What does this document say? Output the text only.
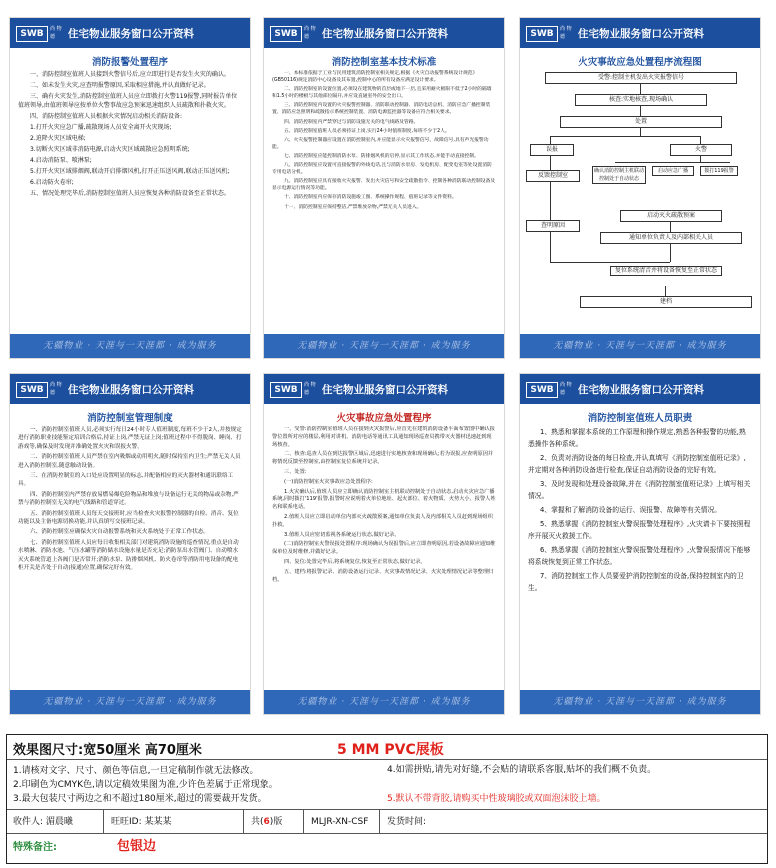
SWB	尚 物 德	住宅物业服务窗口公开资料
消防报警处置程序

一、消防控制室值班人员接到火警信号后,应立即进行是否发生火灾的确认。

二、如未发生火灾,应查明报警原因,采取相应措施,并认真做好记录。

三、确有火灾发生,消防控制室值班人员应立即拨打火警119报警,同时报告单位值班领导,由值班领导应按单位火警事故应急预案迅速组织人员疏散和扑救火灾。

四、消防控制室值班人员根据火灾情况启动相关消防设备:

1.打开火灾应急广播,疏散现场人员安全离开火灾现场;

2.迫降火灾区域电梯;

3.切断火灾区域非消防电源,启动火灾区域疏散应急照明系统;

4.启动消防泵、喷淋泵;

5.打开火灾区域排烟阀,联动开启排烟风机,打开正压送风阀,联动正压送风机;

6.启动防火卷帘;

五、情况处理完毕后,消防控制室值班人员应恢复各种消防设备至正常状态。

无疆物业 · 天涯与一天涯都 · 成为服务
SWB	尚 物 德	住宅物业服务窗口公开资料
消防控制室基本技术标准

一、本标准依据于工业与民用建筑消防控制室相关规定,根据《火灾自动报警系统设计规范》(GB50116)规定消防中心设备及其布置,控制中心的所有设备应满足设计要求。

二、消防控制室的设置位置,必须设在建筑物的首层或地下一层,且采用耐火极限不低于2小时的隔墙和1.5小时的楼板与其他部位隔开,并应设直通室外的安全出口。

三、消防控制室内设置的火灾报警控制器、消防联动控制器、消防电话总机、消防应急广播控制装置、消防应急照明和疏散指示系统控制装置、消防电源监控器等设备应符合相关要求。

四、消防控制室内严禁穿过与消防设施无关的电气线路及管路。

五、消防控制室值班人员必须持证上岗,实行24小时值班制度,每班不少于2人。

六、火灾报警控制器应设置在消防控制室内,并应能显示火灾报警信号、故障信号,具有声光报警功能。

七、消防控制室应能控制消防水泵、防排烟风机的启停,显示其工作状态,并能手动直接控制。

八、消防控制室应设置可直接报警的外线电话,且与消防水泵房、发电机房、配变电室等处设置消防专用电话分机。

九、消防控制室应具有接收火灾报警、发出火灾信号和安全疏散指令、控制各种消防联动控制设备及显示电源运行情况等功能。

十、消防控制室内应保存消防设施竣工图、系统操作规程、值班记录等文件资料。

十一、消防控制室应保持整洁,严禁堆放杂物,严禁无关人员进入。

无疆物业 · 天涯与一天涯都 · 成为服务
SWB	尚 物 德	住宅物业服务窗口公开资料
火灾事故应急处置程序流程图
受警:控制主机发出火灾报警信号
核查:实地核查,现场确认
处置
误报	火警
反馈控制室
确认消防控制主机联动控制处于自动状态
启动应急广播	拨打119报警
启动灭火疏散预案
查明原因
通知单位负责人及内部相关人员
复位系统清音并将设备恢复至正常状态
建档
无疆物业 · 天涯与一天涯都 · 成为服务
SWB	尚 物 德	住宅物业服务窗口公开资料
消防控制室管理制度

一、消防控制室值班人员,必须实行每日24小时专人值班制度,每班不少于2人,并按规定进行消防职业技能鉴定培训合格后,持证上岗,严禁无证上岗;值班过程中不得脱岗、睡岗、打游戏等,确保及时发现并准确处置火灾和误报火警。

二、消防控制室值班人员严禁在室内吸烟或动用明火,随时保持室内卫生;严禁无关人员进入消防控制室,随意触动设备。

三、在消防控制室的入口处应设置明显的标志,并配备相应的灭火器材和通讯联络工具。

四、消防控制室内严禁存放易燃易爆危险物品和堆放与设备运行无关的物品或杂物,严禁与消防控制室无关的电气线路和管道穿过。

五、消防控制室值班人员每天交接班时,应当检查火灾报警控制器的自检、消音、复位功能以及主备电源切换功能,并认真填写交接班记录。

六、消防控制室应确保火灾自动报警系统和灭火系统处于正常工作状态。

七、消防控制室值班人员应每日收集相关部门对建筑消防设施的巡查情况,重点是自动水喷淋、消防水池、气压水罐等消防储水设施水量是否充足;消防泵出水管阀门、自动喷水灭火系统管道上各阀门是否常开;消防水泵、防排烟风机、防火卷帘等消防用电设备的配电柜开关是否处于自动(接通)位置,确保完好有效。

无疆物业 · 天涯与一天涯都 · 成为服务
SWB	尚 物 德	住宅物业服务窗口公开资料
火灾事故应急处置程序

一、受警:消防控制室值班人员在接到火灾报警后,应首先在建筑消防设备平面布置图中确认报警位置所对应的楼层,利用对讲机、消防电话等通讯工具通知现场巡查员携带灭火器材迅速赶到现场核查。

二、核查:巡查人员在到达报警区域后,迅速进行实地核查和现场确认;若为误报,应查明原因并将情况反馈至控制室,由控制室复位系统并记录。

三、处置:

(一)消防控制室火灾事故应急处置程序:

1.火灾确认后,值班人员应立即确认消防控制室主机联动控制处于自动状态,启动火灾应急广播系统,同时拨打'119'报警,报警时应说明着火单位地址、起火部位、着火物质、火势大小、报警人姓名和联系电话。

2.值班人员应立即启动单位内部灭火疏散预案,通知单位负责人及内部相关人员赶到现场组织扑救。

3.值班人员应密切监视各系统运行状态,做好记录。

(二)消防控制室火警误报处置程序:现场确认为误报警后,应立即查明原因,若设备故障应通知维保单位及时维修,并做好记录。

四、复位:处置完毕后,将系统复位,恢复至正常状态,做好记录。

五、建档:将报警记录、消防设备运行记录、火灾事故情况记录、火灾处理情况记录等整理归档。

无疆物业 · 天涯与一天涯都 · 成为服务
SWB	尚 物 德	住宅物业服务窗口公开资料
消防控制室值班人员职责

1、熟悉和掌握本系统的工作原理和操作规定,熟悉各种报警的功能,熟悉操作各种系统。

2、负责对消防设备的每日检查,并认真填写《消防控制室值班记录》,并定期对各种消防设备进行检查,保证自动消防设备的完好有效。

3、及时发现和处理设备故障,并在《消防控制室值班记录》上填写相关情况。

4、掌握和了解消防设备的运行、误报警、故障等有关情况。

5、熟悉掌握《消防控制室火警误报警处理程序》,火灾请卡下要按照程序开展灭火救援工作。

6、熟悉掌握《消防控制室火警误报警处理程序》,火警误报情况下能够将系统恢复到正常工作状态。

7、消防控制室工作人员要爱护消防控制室的设备,保持控制室内的卫生。

无疆物业 · 天涯与一天涯都 · 成为服务
效果图尺寸:宽50厘米 高70厘米	5 MM PVC展板
1.请核对文字、尺寸、颜色等信息,一旦定稿制作就无法修改。
2.印刷色为CMYK色,请以定稿效果图为准,少许色差属于正常现象。
3.最大包装尺寸两边之和不超过180厘米,超过的需要裁开发货。
4.如需拼贴,请先对好缝,不会贴的请联系客服,贴坏的我们概不负责。
5.默认不带背胶,请购买中性玻璃胶或双面泡沫胶上墙。
收件人: 湄晨曦	旺旺ID: 某某某	共(6)版	MLJR-XN-CSF 发货时间:
特殊备注:	包银边
